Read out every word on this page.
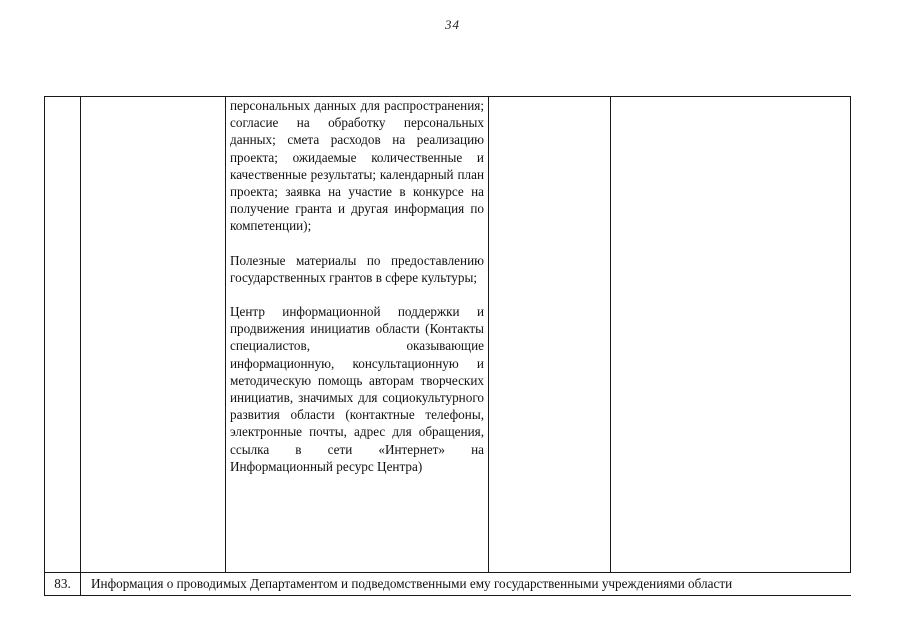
34

		персональных данных для распространения; согласие на обработку персональных данных; смета расходов на реализацию проекта; ожидаемые количественные и качественные результаты; календарный план проекта; заявка на участие в конкурсе на получение гранта и другая информация по компетенции);

Полезные материалы по предоставлению государственных грантов в сфере культуры;

Центр информационной поддержки и продвижения инициатив области (Контакты специалистов, оказывающие информационную, консультационную и методическую помощь авторам творческих инициатив, значимых для социокультурного развития области (контактные телефоны, электронные почты, адрес для обращения, ссылка в сети «Интернет» на Информационный ресурс Центра)		

83.	Информация о проводимых Департаментом и подведомственными ему государственными учреждениями области			
